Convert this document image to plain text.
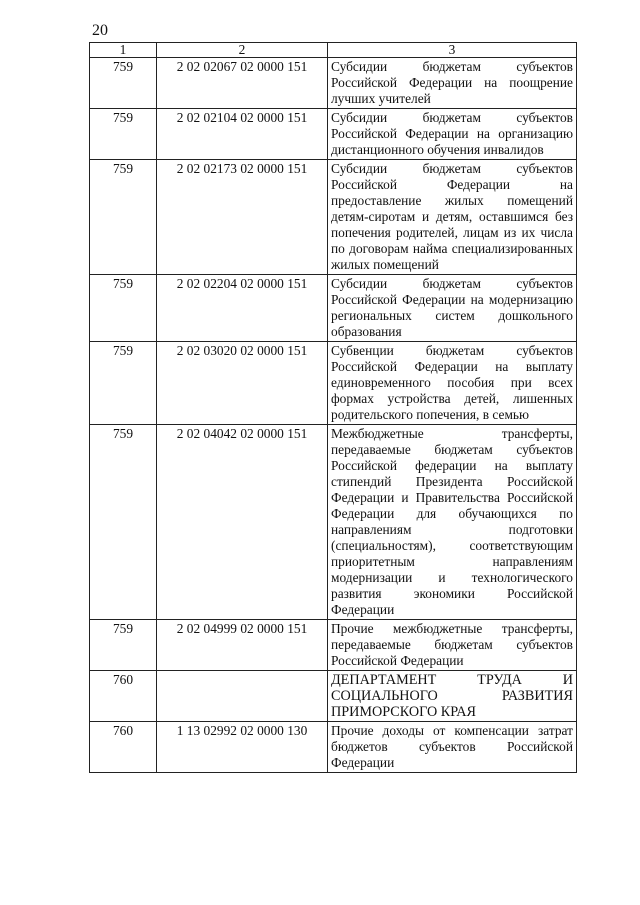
20
1	2	3
759	2 02 02067 02 0000 151	Субсидии бюджетам субъектов Российской Федерации на поощрение лучших учителей
759	2 02 02104 02 0000 151	Субсидии бюджетам субъектов Российской Федерации на организацию дистанционного обучения инвалидов
759	2 02 02173 02 0000 151	Субсидии бюджетам субъектов Российской Федерации на предоставление жилых помещений детям-сиротам и детям, оставшимся без попечения родителей, лицам из их числа по договорам найма специализированных жилых помещений
759	2 02 02204 02 0000 151	Субсидии бюджетам субъектов Российской Федерации на модернизацию региональных систем дошкольного образования
759	2 02 03020 02 0000 151	Субвенции бюджетам субъектов Российской Федерации на выплату единовременного пособия при всех формах устройства детей, лишенных родительского попечения, в семью
759	2 02 04042 02 0000 151	Межбюджетные трансферты, передаваемые бюджетам субъектов Российской федерации на выплату стипендий Президента Российской Федерации и Правительства Российской Федерации для обучающихся по направлениям подготовки (специальностям), соответствующим приоритетным направлениям модернизации и технологического развития экономики Российской Федерации
759	2 02 04999 02 0000 151	Прочие межбюджетные трансферты, передаваемые бюджетам субъектов Российской Федерации
760		ДЕПАРТАМЕНТ ТРУДА И СОЦИАЛЬНОГО РАЗВИТИЯ ПРИМОРСКОГО КРАЯ
760	1 13 02992 02 0000 130	Прочие доходы от компенсации затрат бюджетов субъектов Российской Федерации
